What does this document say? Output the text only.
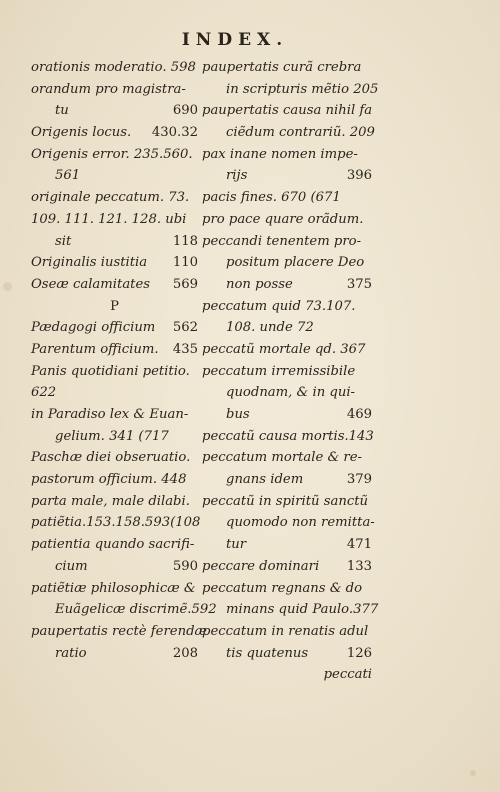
INDEX.
orationis moderatio. 598
orandum pro magistra-
tu	690
Origenis locus. 430.32
Origenis error. 235.560.
561
originale peccatum. 73.
109. 111. 121. 128. ubi
sit	118
Originalis iustitia 110
Oseæ calamitates 569
P
Pædagogi officium 562
Parentum officium. 435
Panis quotidiani petitio.
622
in Paradiso lex & Euan-
gelium. 341 (717
Paschæ diei obseruatio.
pastorum officium. 448
parta male, male dilabi.
patiẽtia.153.158.593(108
patientia quando sacrifi-
cium	590
patiẽtiæ philosophicæ &
Euãgelicæ discrimẽ.592
paupertatis rectè ferendæ
ratio	208
paupertatis curã crebra
in scripturis mẽtio 205
paupertatis causa nihil fa
ciẽdum contrariũ. 209
pax inane nomen impe-
rijs	396
pacis fines. 670 (671
pro pace quare orãdum.
peccandi tenentem pro-
positum placere Deo
non posse	375
peccatum quid 73.107.
108. unde 72
peccatũ mortale qd. 367
peccatum irremissibile
quodnam, & in qui-
bus	469
peccatũ causa mortis.143
peccatum mortale & re-
gnans idem	379
peccatũ in spiritũ sanctũ
quomodo non remitta-
tur	471
peccare dominari 133
peccatum regnans & do
minans quid Paulo.377
peccatum in renatis adul
tis quatenus	126
peccati
